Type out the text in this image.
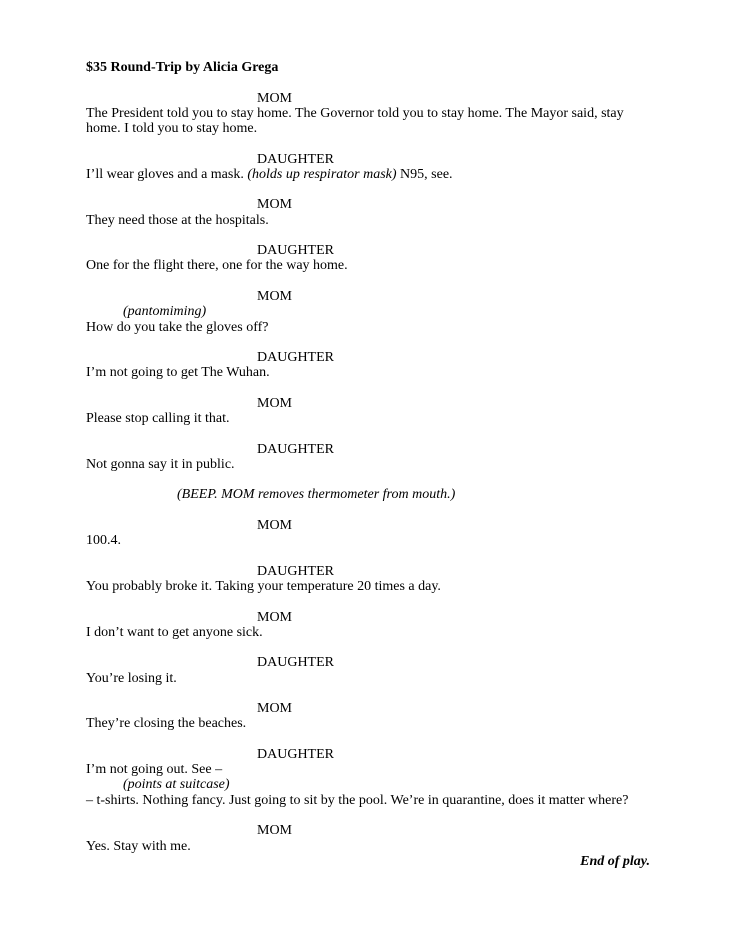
$35 Round-Trip by Alicia Grega
MOM
The President told you to stay home. The Governor told you to stay home. The Mayor said, stay home. I told you to stay home.
DAUGHTER
I’ll wear gloves and a mask. (holds up respirator mask) N95, see.
MOM
They need those at the hospitals.
DAUGHTER
One for the flight there, one for the way home.
MOM
(pantomiming)
How do you take the gloves off?
DAUGHTER
I’m not going to get The Wuhan.
MOM
Please stop calling it that.
DAUGHTER
Not gonna say it in public.
(BEEP. MOM removes thermometer from mouth.)
MOM
100.4.
DAUGHTER
You probably broke it. Taking your temperature 20 times a day.
MOM
I don’t want to get anyone sick.
DAUGHTER
You’re losing it.
MOM
They’re closing the beaches.
DAUGHTER
I’m not going out. See –
(points at suitcase)
– t-shirts. Nothing fancy. Just going to sit by the pool. We’re in quarantine, does it matter where?
MOM
Yes. Stay with me.
End of play.
